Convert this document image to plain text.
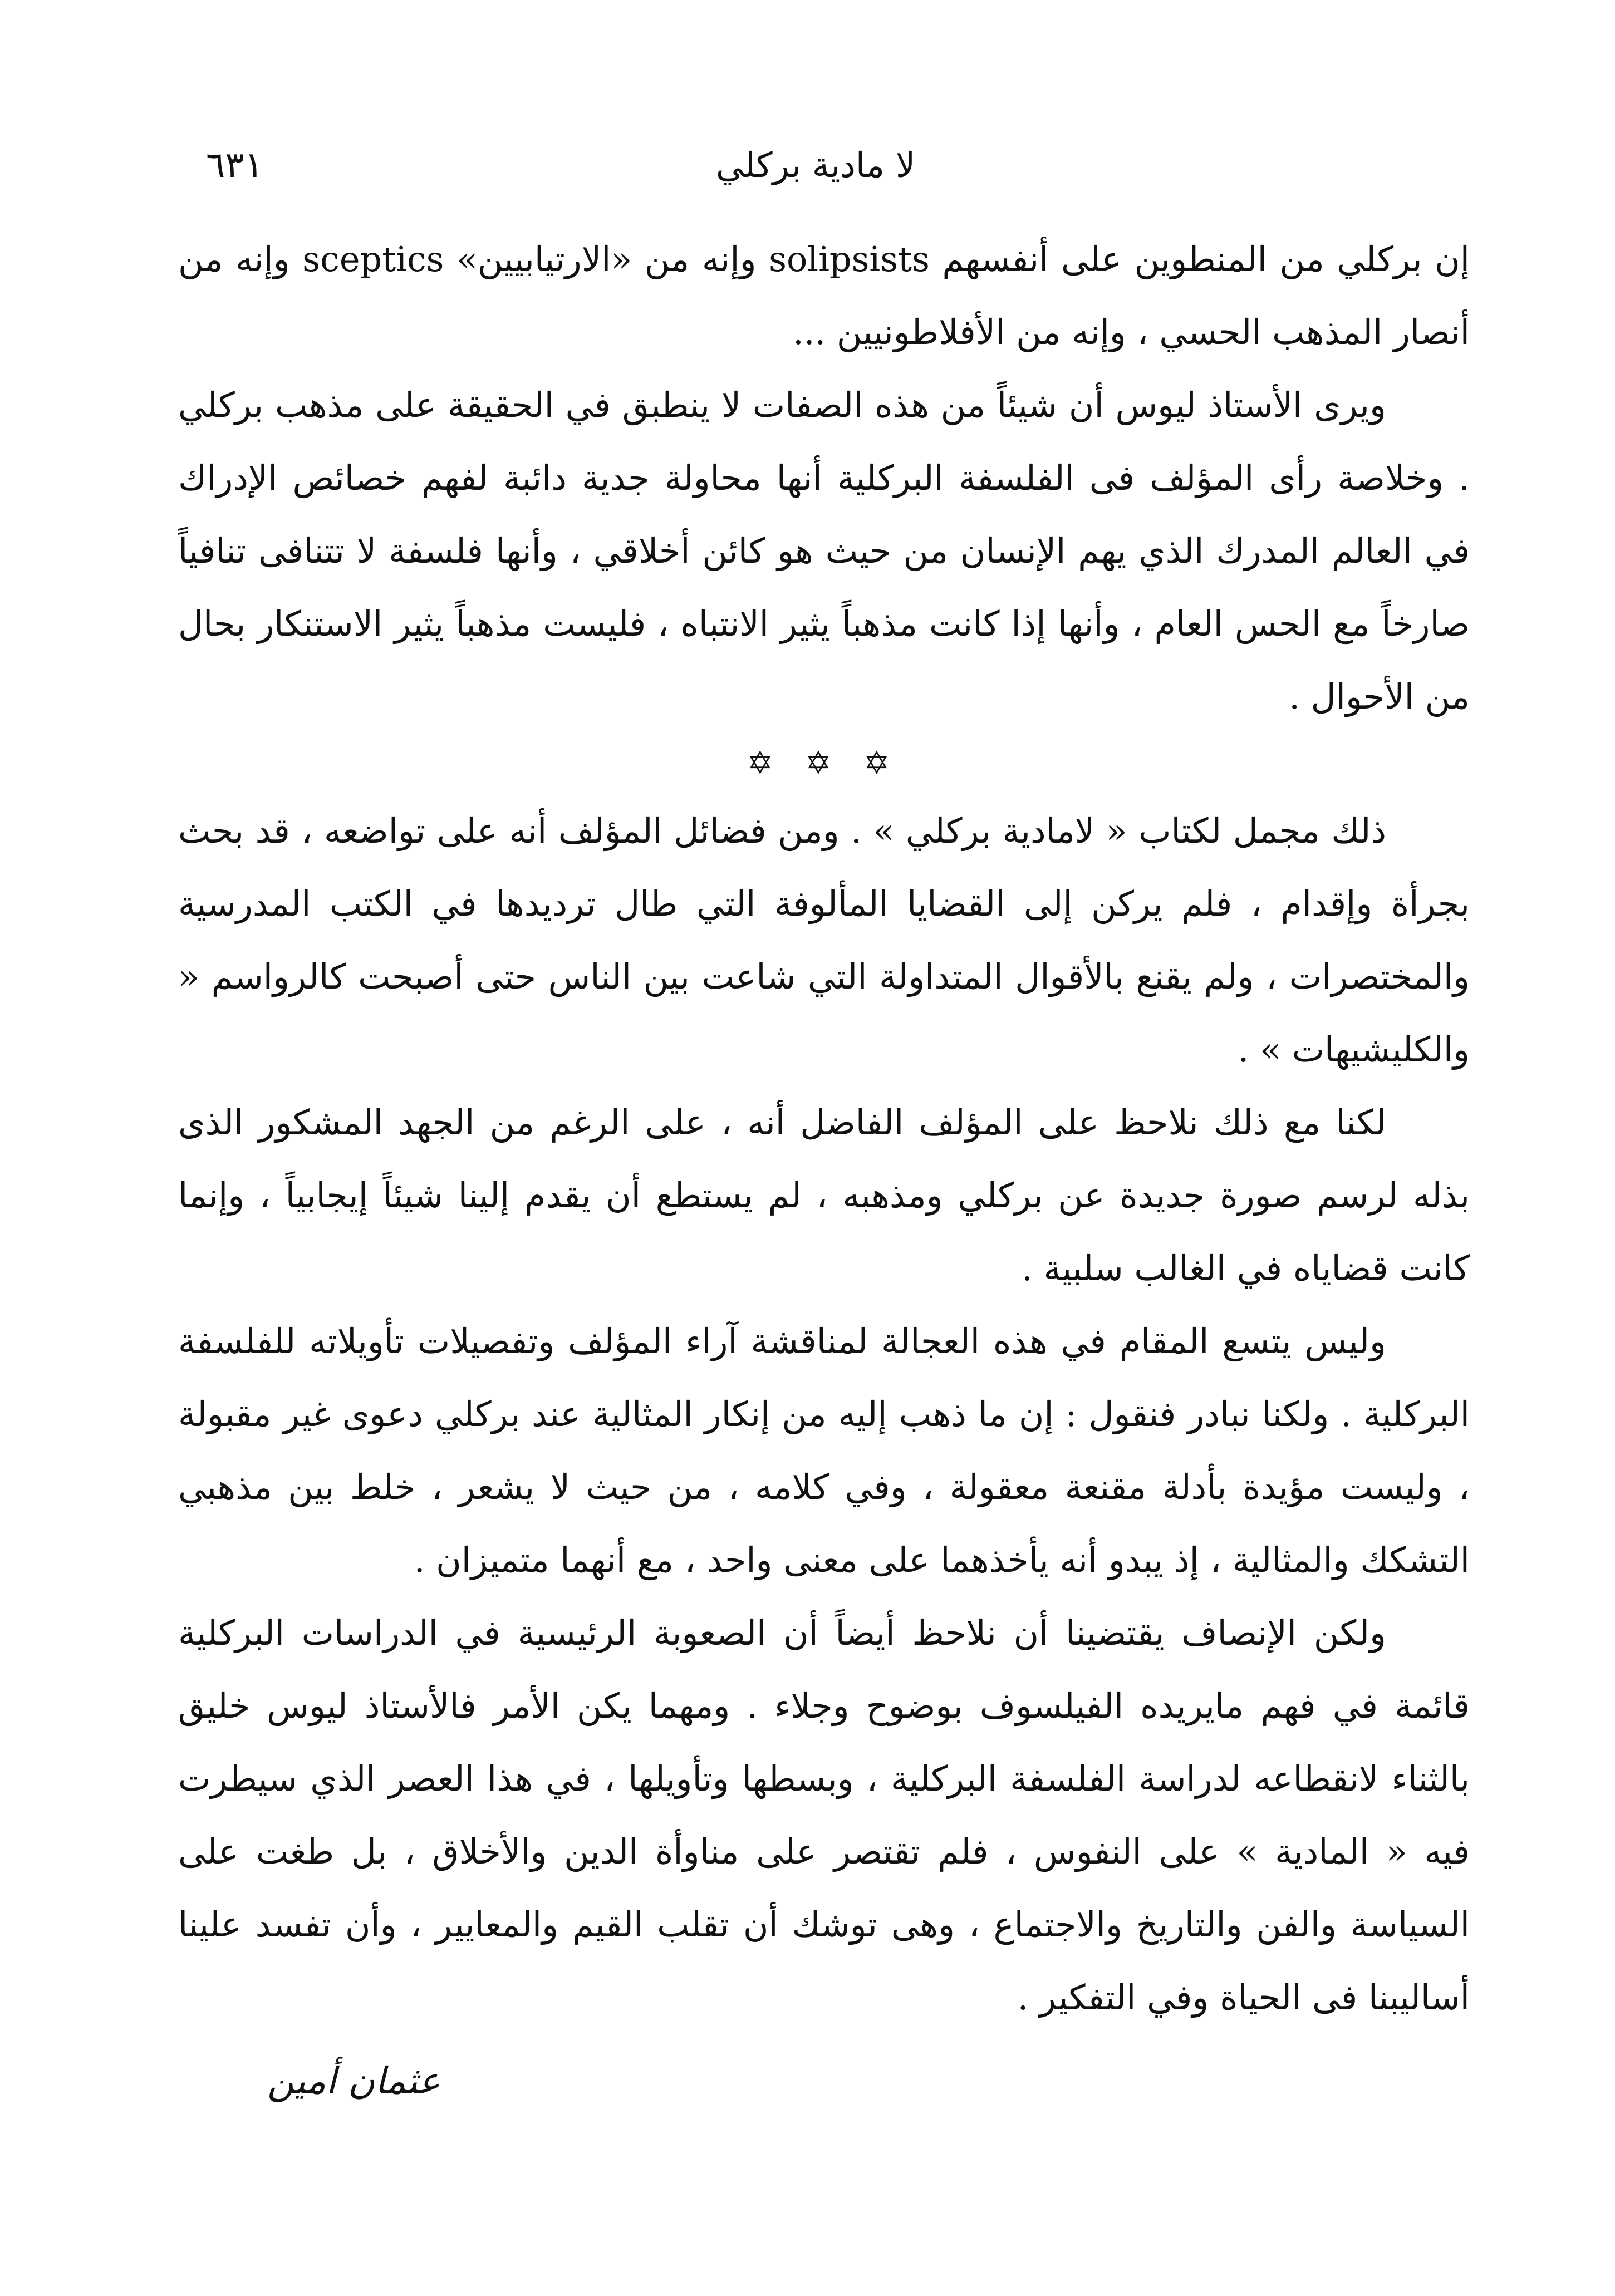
لا مادية بركلي
٦٣١

إن بركلي من المنطوين على أنفسهم solipsists وإنه من «الارتيابيين» sceptics وإنه من أنصار المذهب الحسي ، وإنه من الأفلاطونيين ...

ويرى الأستاذ ليوس أن شيئاً من هذه الصفات لا ينطبق في الحقيقة على مذهب بركلي . وخلاصة رأى المؤلف فى الفلسفة البركلية أنها محاولة جدية دائبة لفهم خصائص الإدراك في العالم المدرك الذي يهم الإنسان من حيث هو كائن أخلاقي ، وأنها فلسفة لا تتنافى تنافياً صارخاً مع الحس العام ، وأنها إذا كانت مذهباً يثير الانتباه ، فليست مذهباً يثير الاستنكار بحال من الأحوال .

✡ ✡ ✡

ذلك مجمل لكتاب « لامادية بركلي » . ومن فضائل المؤلف أنه على تواضعه ، قد بحث بجرأة وإقدام ، فلم يركن إلى القضايا المألوفة التي طال ترديدها في الكتب المدرسية والمختصرات ، ولم يقنع بالأقوال المتداولة التي شاعت بين الناس حتى أصبحت كالرواسم « والكليشيهات » .

لكنا مع ذلك نلاحظ على المؤلف الفاضل أنه ، على الرغم من الجهد المشكور الذى بذله لرسم صورة جديدة عن بركلي ومذهبه ، لم يستطع أن يقدم إلينا شيئاً إيجابياً ، وإنما كانت قضاياه في الغالب سلبية .

وليس يتسع المقام في هذه العجالة لمناقشة آراء المؤلف وتفصيلات تأويلاته للفلسفة البركلية . ولكنا نبادر فنقول : إن ما ذهب إليه من إنكار المثالية عند بركلي دعوى غير مقبولة ، وليست مؤيدة بأدلة مقنعة معقولة ، وفي كلامه ، من حيث لا يشعر ، خلط بين مذهبي التشكك والمثالية ، إذ يبدو أنه يأخذهما على معنى واحد ، مع أنهما متميزان .

ولكن الإنصاف يقتضينا أن نلاحظ أيضاً أن الصعوبة الرئيسية في الدراسات البركلية قائمة في فهم مايريده الفيلسوف بوضوح وجلاء . ومهما يكن الأمر فالأستاذ ليوس خليق بالثناء لانقطاعه لدراسة الفلسفة البركلية ، وبسطها وتأويلها ، في هذا العصر الذي سيطرت فيه « المادية » على النفوس ، فلم تقتصر على مناوأة الدين والأخلاق ، بل طغت على السياسة والفن والتاريخ والاجتماع ، وهى توشك أن تقلب القيم والمعايير ، وأن تفسد علينا أساليبنا فى الحياة وفي التفكير .

عثمان أمين
